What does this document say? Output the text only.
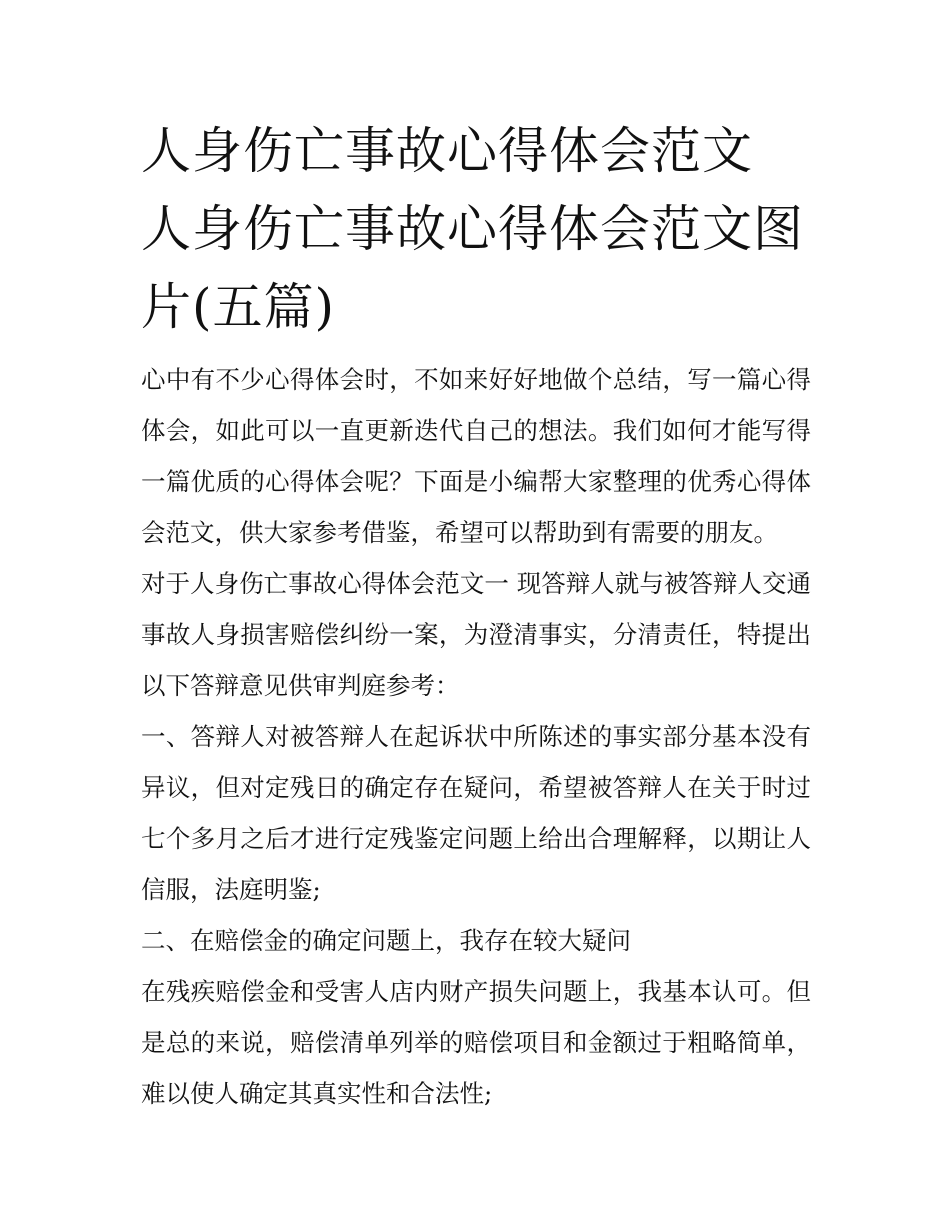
人身伤亡事故心得体会范文 人身伤亡事故心得体会范文图片(五篇)

心中有不少心得体会时，不如来好好地做个总结，写一篇心得体会，如此可以一直更新迭代自己的想法。我们如何才能写得一篇优质的心得体会呢？下面是小编帮大家整理的优秀心得体会范文，供大家参考借鉴，希望可以帮助到有需要的朋友。

对于人身伤亡事故心得体会范文一 现答辩人就与被答辩人交通事故人身损害赔偿纠纷一案，为澄清事实，分清责任，特提出以下答辩意见供审判庭参考：

一、答辩人对被答辩人在起诉状中所陈述的事实部分基本没有异议，但对定残日的确定存在疑问，希望被答辩人在关于时过七个多月之后才进行定残鉴定问题上给出合理解释，以期让人信服，法庭明鉴;

二、在赔偿金的确定问题上，我存在较大疑问

在残疾赔偿金和受害人店内财产损失问题上，我基本认可。但是总的来说，赔偿清单列举的赔偿项目和金额过于粗略简单，难以使人确定其真实性和合法性;
